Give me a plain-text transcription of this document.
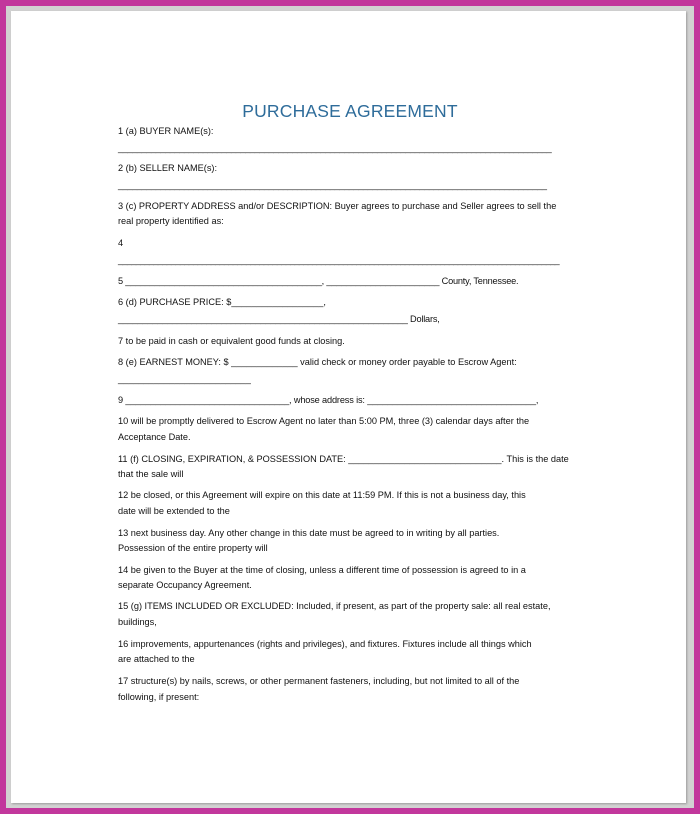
PURCHASE AGREEMENT
1 (a) BUYER NAME(s):
____________________________________________________________________________________________
2 (b) SELLER NAME(s):
___________________________________________________________________________________________
3 (c) PROPERTY ADDRESS and/or DESCRIPTION: Buyer agrees to purchase and Seller agrees to sell the
real property identified as:
4
____________________________________________________________________________________________________
5 ________________________________________, _______________________ County, Tennessee.
6 (d) PURCHASE PRICE: $__________________,
___________________________________________________________ Dollars,
7 to be paid in cash or equivalent good funds at closing.
8 (e) EARNEST MONEY: $ _____________ valid check or money order payable to Escrow Agent:
__________________________
9 _________________________________, whose address is: __________________________________,
10 will be promptly delivered to Escrow Agent no later than 5:00 PM, three (3) calendar days after the
Acceptance Date.
11 (f) CLOSING, EXPIRATION, & POSSESSION DATE: ______________________________. This is the date
that the sale will
12 be closed, or this Agreement will expire on this date at 11:59 PM. If this is not a business day, this
date will be extended to the
13 next business day. Any other change in this date must be agreed to in writing by all parties.
Possession of the entire property will
14 be given to the Buyer at the time of closing, unless a different time of possession is agreed to in a
separate Occupancy Agreement.
15 (g) ITEMS INCLUDED OR EXCLUDED: Included, if present, as part of the property sale: all real estate,
buildings,
16 improvements, appurtenances (rights and privileges), and fixtures. Fixtures include all things which
are attached to the
17 structure(s) by nails, screws, or other permanent fasteners, including, but not limited to all of the
following, if present:
